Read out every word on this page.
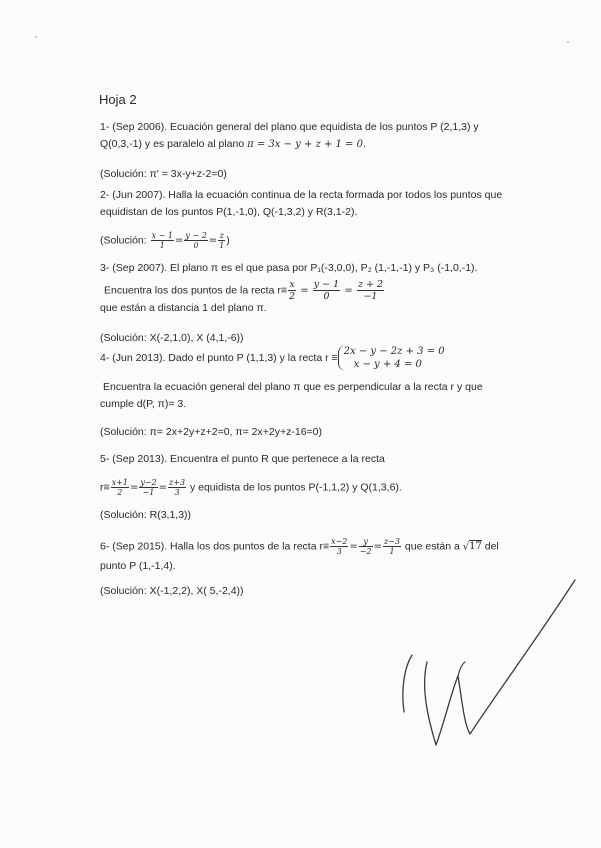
Hoja 2
1- (Sep 2006). Ecuación general del plano que equidista de los puntos P (2,1,3) y
Q(0,3,-1) y es paralelo al plano π = 3x − y + z + 1 = 0.
(Solución: π′ = 3x-y+z-2=0)
2- (Jun 2007). Halla la ecuación continua de la recta formada por todos los puntos que
equidistan de los puntos P(1,-1,0), Q(-1,3,2) y R(3,1-2).
(Solución: $\frac{x - 1}{1} = \frac{y - 2}{0} = \frac{z}{1}$ )
3- (Sep 2007). El plano π es el que pasa por P₁(-3,0,0), P₂ (1,-1,-1) y P₃ (-1,0,-1).
Encuentra los dos puntos de la recta $r\equiv \frac{x}{2} = \frac{y - 1}{0} = \frac{z + 2}{-1}$
que están a distancia 1 del plano π.
(Solución: X(-2,1,0), X (4,1,-6))
4- (Jun 2013). Dado el punto P (1,1,3) y la recta r ≡
2x − y − 2z + 3 = 0
x − y + 4 = 0
Encuentra la ecuación general del plano π que es perpendicular a la recta r y que
cumple d(P, π)= 3.
(Solución: π= 2x+2y+z+2=0, π= 2x+2y+z-16=0)
5- (Sep 2013). Encuentra el punto R que pertenece a la recta
$r\equiv \frac{x+1}{2} = \frac{y-2}{-1} = \frac{z+3}{3}$ y equidista de los puntos P(-1,1,2) y Q(1,3,6).
(Solución: R(3,1,3))
6- (Sep 2015). Halla los dos puntos de la recta $r\equiv \frac{x-2}{3} = \frac{y}{-2} = \frac{z-3}{1}$ que están a √17 del
punto P (1,-1,4).
(Solución: X(-1,2,2), X( 5,-2,4))
